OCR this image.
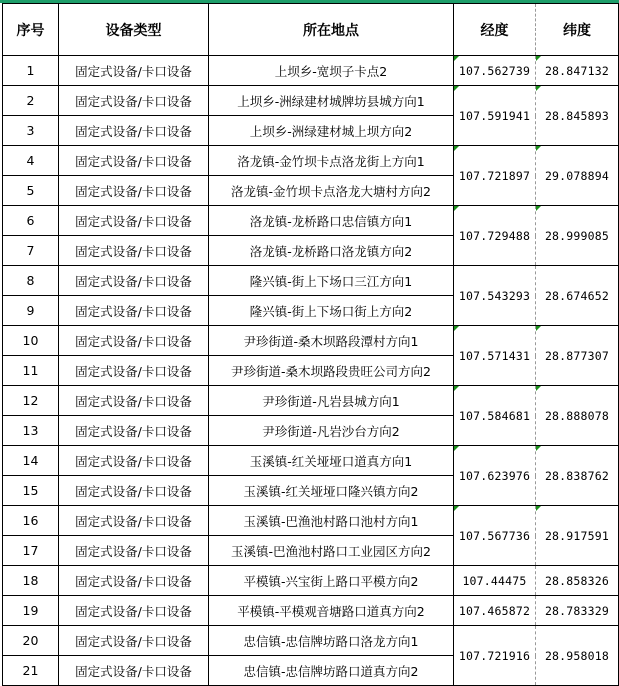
序号	设备类型	所在地点	经度	纬度
1	固定式设备/卡口设备	上坝乡-宽坝子卡点2	107.562739	28.847132
2	固定式设备/卡口设备	上坝乡-洲绿建材城牌坊县城方向1	107.591941	28.845893
3	固定式设备/卡口设备	上坝乡-洲绿建材城上坝方向2		
4	固定式设备/卡口设备	洛龙镇-金竹坝卡点洛龙街上方向1	107.721897	29.078894
5	固定式设备/卡口设备	洛龙镇-金竹坝卡点洛龙大塘村方向2		
6	固定式设备/卡口设备	洛龙镇-龙桥路口忠信镇方向1	107.729488	28.999085
7	固定式设备/卡口设备	洛龙镇-龙桥路口洛龙镇方向2		
8	固定式设备/卡口设备	隆兴镇-街上下场口三江方向1	107.543293	28.674652
9	固定式设备/卡口设备	隆兴镇-街上下场口街上方向2		
10	固定式设备/卡口设备	尹珍街道-桑木坝路段潭村方向1	107.571431	28.877307
11	固定式设备/卡口设备	尹珍街道-桑木坝路段贵旺公司方向2		
12	固定式设备/卡口设备	尹珍街道-凡岩县城方向1	107.584681	28.888078
13	固定式设备/卡口设备	尹珍街道-凡岩沙台方向2		
14	固定式设备/卡口设备	玉溪镇-红关垭垭口道真方向1	107.623976	28.838762
15	固定式设备/卡口设备	玉溪镇-红关垭垭口隆兴镇方向2		
16	固定式设备/卡口设备	玉溪镇-巴渔池村路口池村方向1	107.567736	28.917591
17	固定式设备/卡口设备	玉溪镇-巴渔池村路口工业园区方向2		
18	固定式设备/卡口设备	平模镇-兴宝街上路口平模方向2	107.44475	28.858326
19	固定式设备/卡口设备	平模镇-平模观音塘路口道真方向2	107.465872	28.783329
20	固定式设备/卡口设备	忠信镇-忠信牌坊路口洛龙方向1	107.721916	28.958018
21	固定式设备/卡口设备	忠信镇-忠信牌坊路口道真方向2		
